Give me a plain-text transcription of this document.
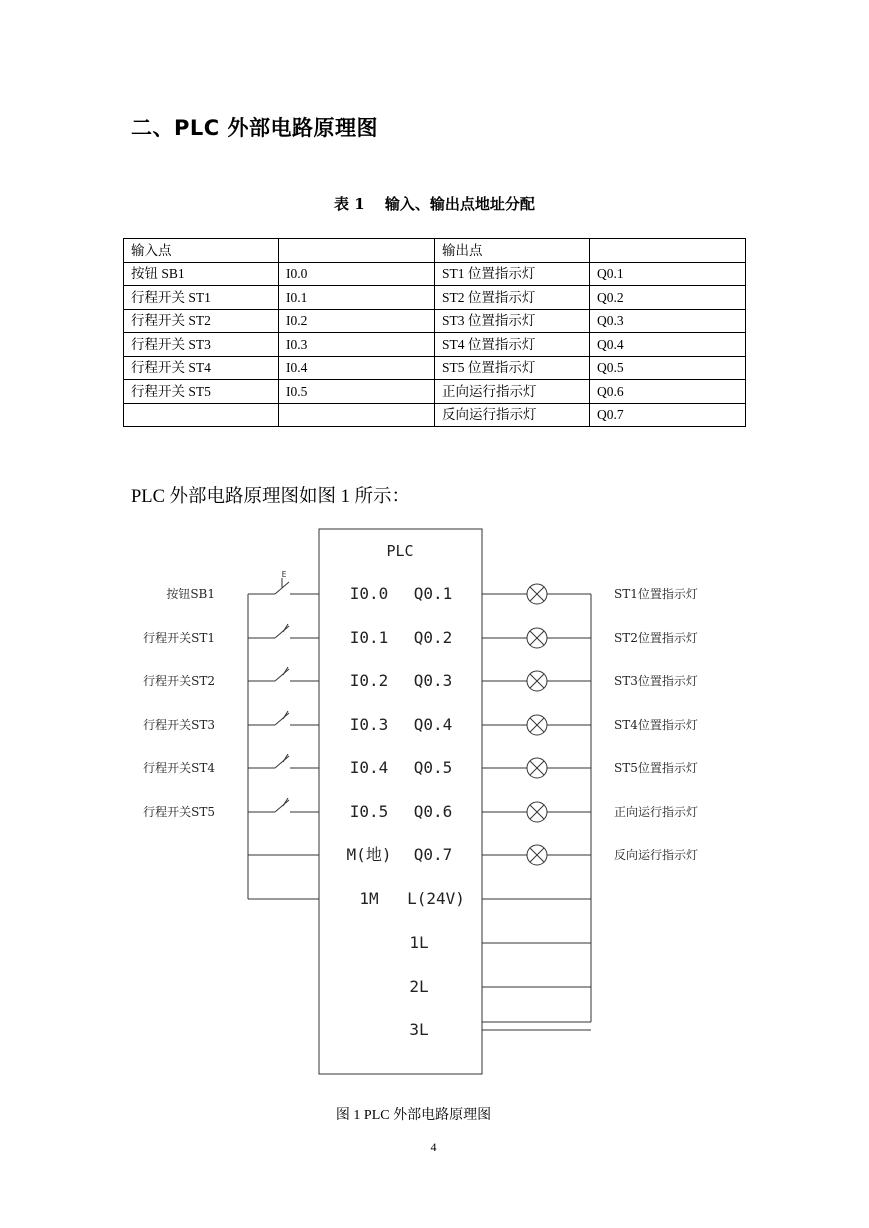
二、PLC 外部电路原理图
表 1　 输入、输出点地址分配
输入点		输出点	
按钮 SB1	I0.0	ST1 位置指示灯	Q0.1
行程开关 ST1	I0.1	ST2 位置指示灯	Q0.2
行程开关 ST2	I0.2	ST3 位置指示灯	Q0.3
行程开关 ST3	I0.3	ST4 位置指示灯	Q0.4
行程开关 ST4	I0.4	ST5 位置指示灯	Q0.5
行程开关 ST5	I0.5	正向运行指示灯	Q0.6
		反向运行指示灯	Q0.7
PLC 外部电路原理图如图 1 所示：
PLC
I0.0
E
按钮SB1
I0.1
行程开关ST1
I0.2
行程开关ST2
I0.3
行程开关ST3
I0.4
行程开关ST4
I0.5
行程开关ST5
M(地)
1M
Q0.1	ST1位置指示灯
Q0.2	ST2位置指示灯
Q0.3	ST3位置指示灯
Q0.4	ST4位置指示灯
Q0.5	ST5位置指示灯
Q0.6	正向运行指示灯
Q0.7	反向运行指示灯
L(24V)
1L
2L
3L
图 1 PLC 外部电路原理图
4
